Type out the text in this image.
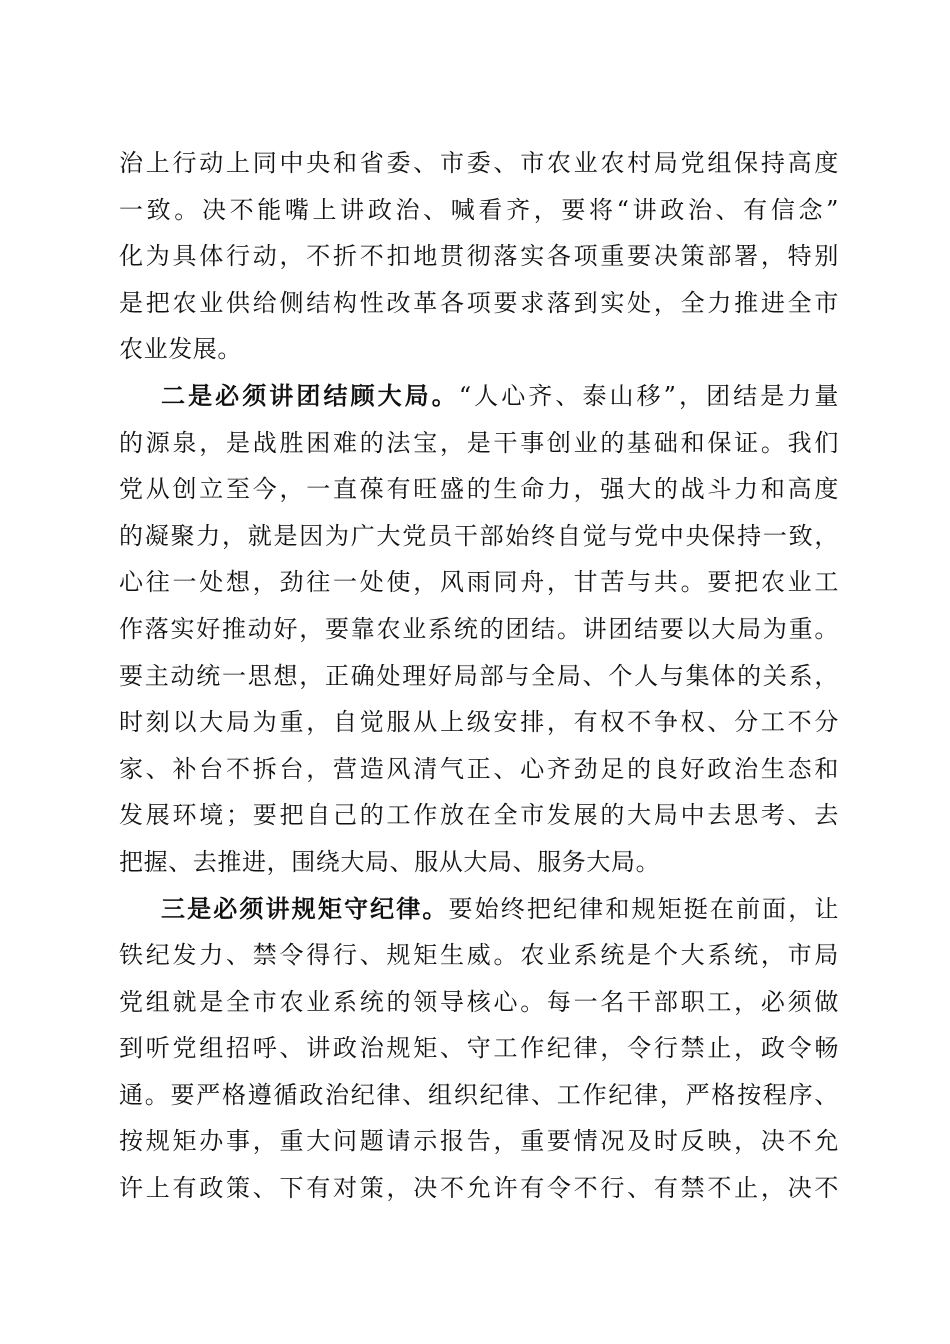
治上行动上同中央和省委、市委、市农业农村局党组保持高度
一致。决不能嘴上讲政治、喊看齐，要将“讲政治、有信念”
化为具体行动，不折不扣地贯彻落实各项重要决策部署，特别
是把农业供给侧结构性改革各项要求落到实处，全力推进全市
农业发展。
二是必须讲团结顾大局。“人心齐、泰山移”，团结是力量
的源泉，是战胜困难的法宝，是干事创业的基础和保证。我们
党从创立至今，一直葆有旺盛的生命力，强大的战斗力和高度
的凝聚力，就是因为广大党员干部始终自觉与党中央保持一致，
心往一处想，劲往一处使，风雨同舟，甘苦与共。要把农业工
作落实好推动好，要靠农业系统的团结。讲团结要以大局为重。
要主动统一思想，正确处理好局部与全局、个人与集体的关系，
时刻以大局为重，自觉服从上级安排，有权不争权、分工不分
家、补台不拆台，营造风清气正、心齐劲足的良好政治生态和
发展环境；要把自己的工作放在全市发展的大局中去思考、去
把握、去推进，围绕大局、服从大局、服务大局。
三是必须讲规矩守纪律。要始终把纪律和规矩挺在前面，让
铁纪发力、禁令得行、规矩生威。农业系统是个大系统，市局
党组就是全市农业系统的领导核心。每一名干部职工，必须做
到听党组招呼、讲政治规矩、守工作纪律，令行禁止，政令畅
通。要严格遵循政治纪律、组织纪律、工作纪律，严格按程序、
按规矩办事，重大问题请示报告，重要情况及时反映，决不允
许上有政策、下有对策，决不允许有令不行、有禁不止，决不
